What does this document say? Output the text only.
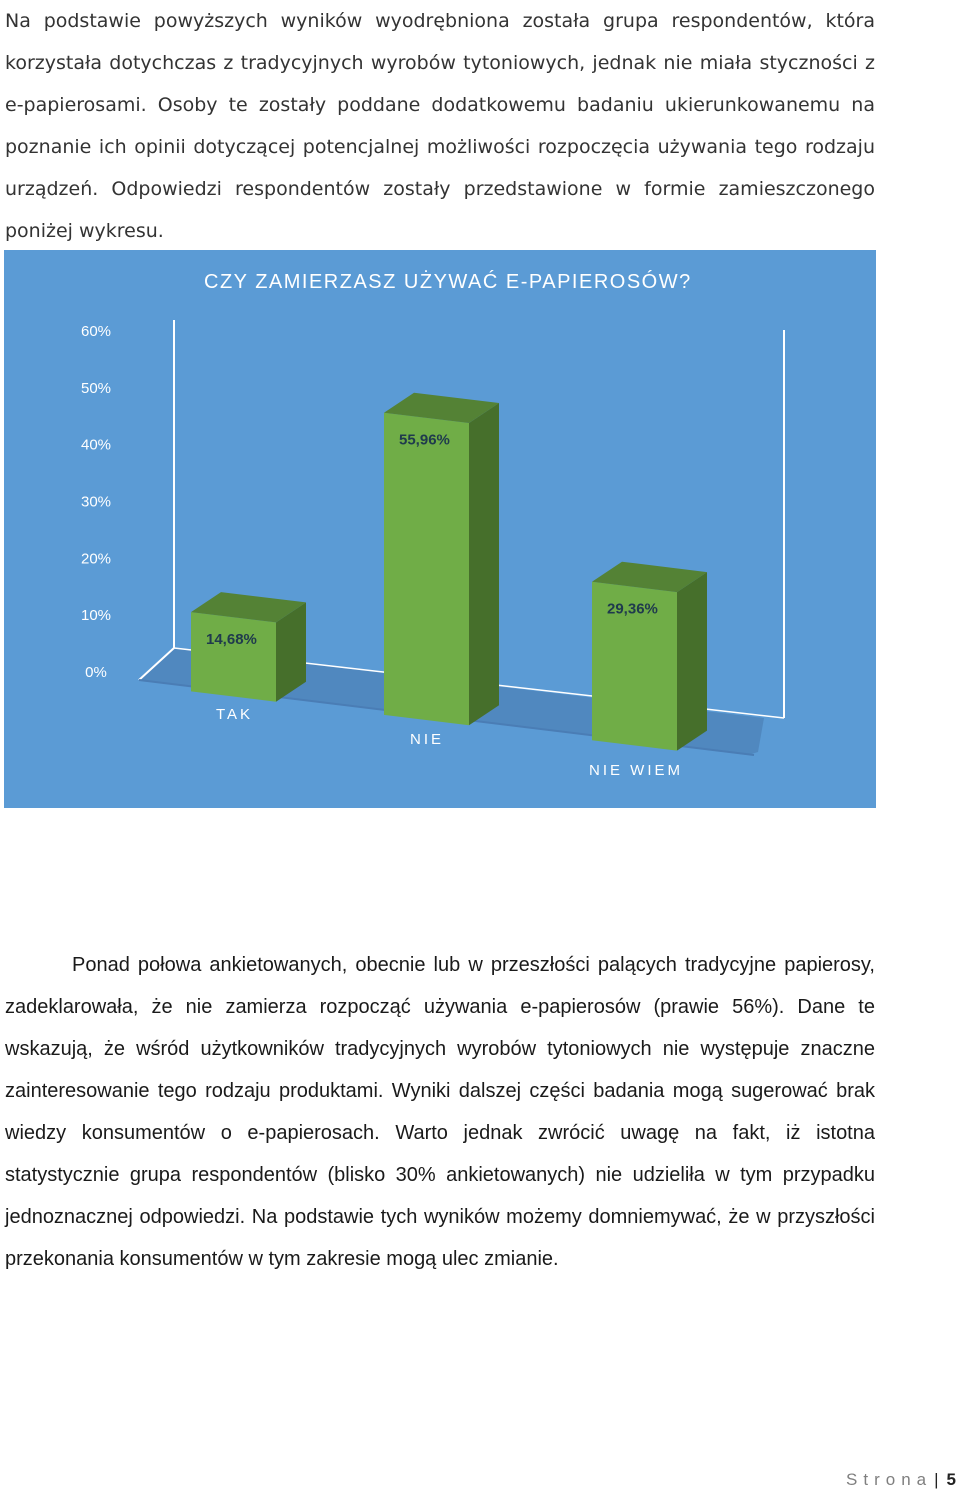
Na podstawie powyższych wyników wyodrębniona została grupa respondentów, która korzystała dotychczas z tradycyjnych wyrobów tytoniowych, jednak nie miała styczności z e-papierosami. Osoby te zostały poddane dodatkowemu badaniu ukierunkowanemu na poznanie ich opinii dotyczącej potencjalnej możliwości rozpoczęcia używania tego rodzaju urządzeń. Odpowiedzi respondentów zostały przedstawione w formie zamieszczonego poniżej wykresu.
CZY ZAMIERZASZ UŻYWAĆ E-PAPIEROSÓW?
0%
10%
20%
30%
40%
50%
60%
14,68%
55,96%
29,36%
TAK
NIE
NIE WIEM
Ponad połowa ankietowanych, obecnie lub w przeszłości palących tradycyjne papierosy, zadeklarowała, że nie zamierza rozpocząć używania e-papierosów (prawie 56%). Dane te wskazują, że wśród użytkowników tradycyjnych wyrobów tytoniowych nie występuje znaczne zainteresowanie tego rodzaju produktami. Wyniki dalszej części badania mogą sugerować brak wiedzy konsumentów o e-papierosach. Warto jednak zwrócić uwagę na fakt, iż istotna statystycznie grupa respondentów (blisko 30% ankietowanych) nie udzieliła w tym przypadku jednoznacznej odpowiedzi. Na podstawie tych wyników możemy domniemywać, że w przyszłości przekonania konsumentów w tym zakresie mogą ulec zmianie.
Strona | 5
